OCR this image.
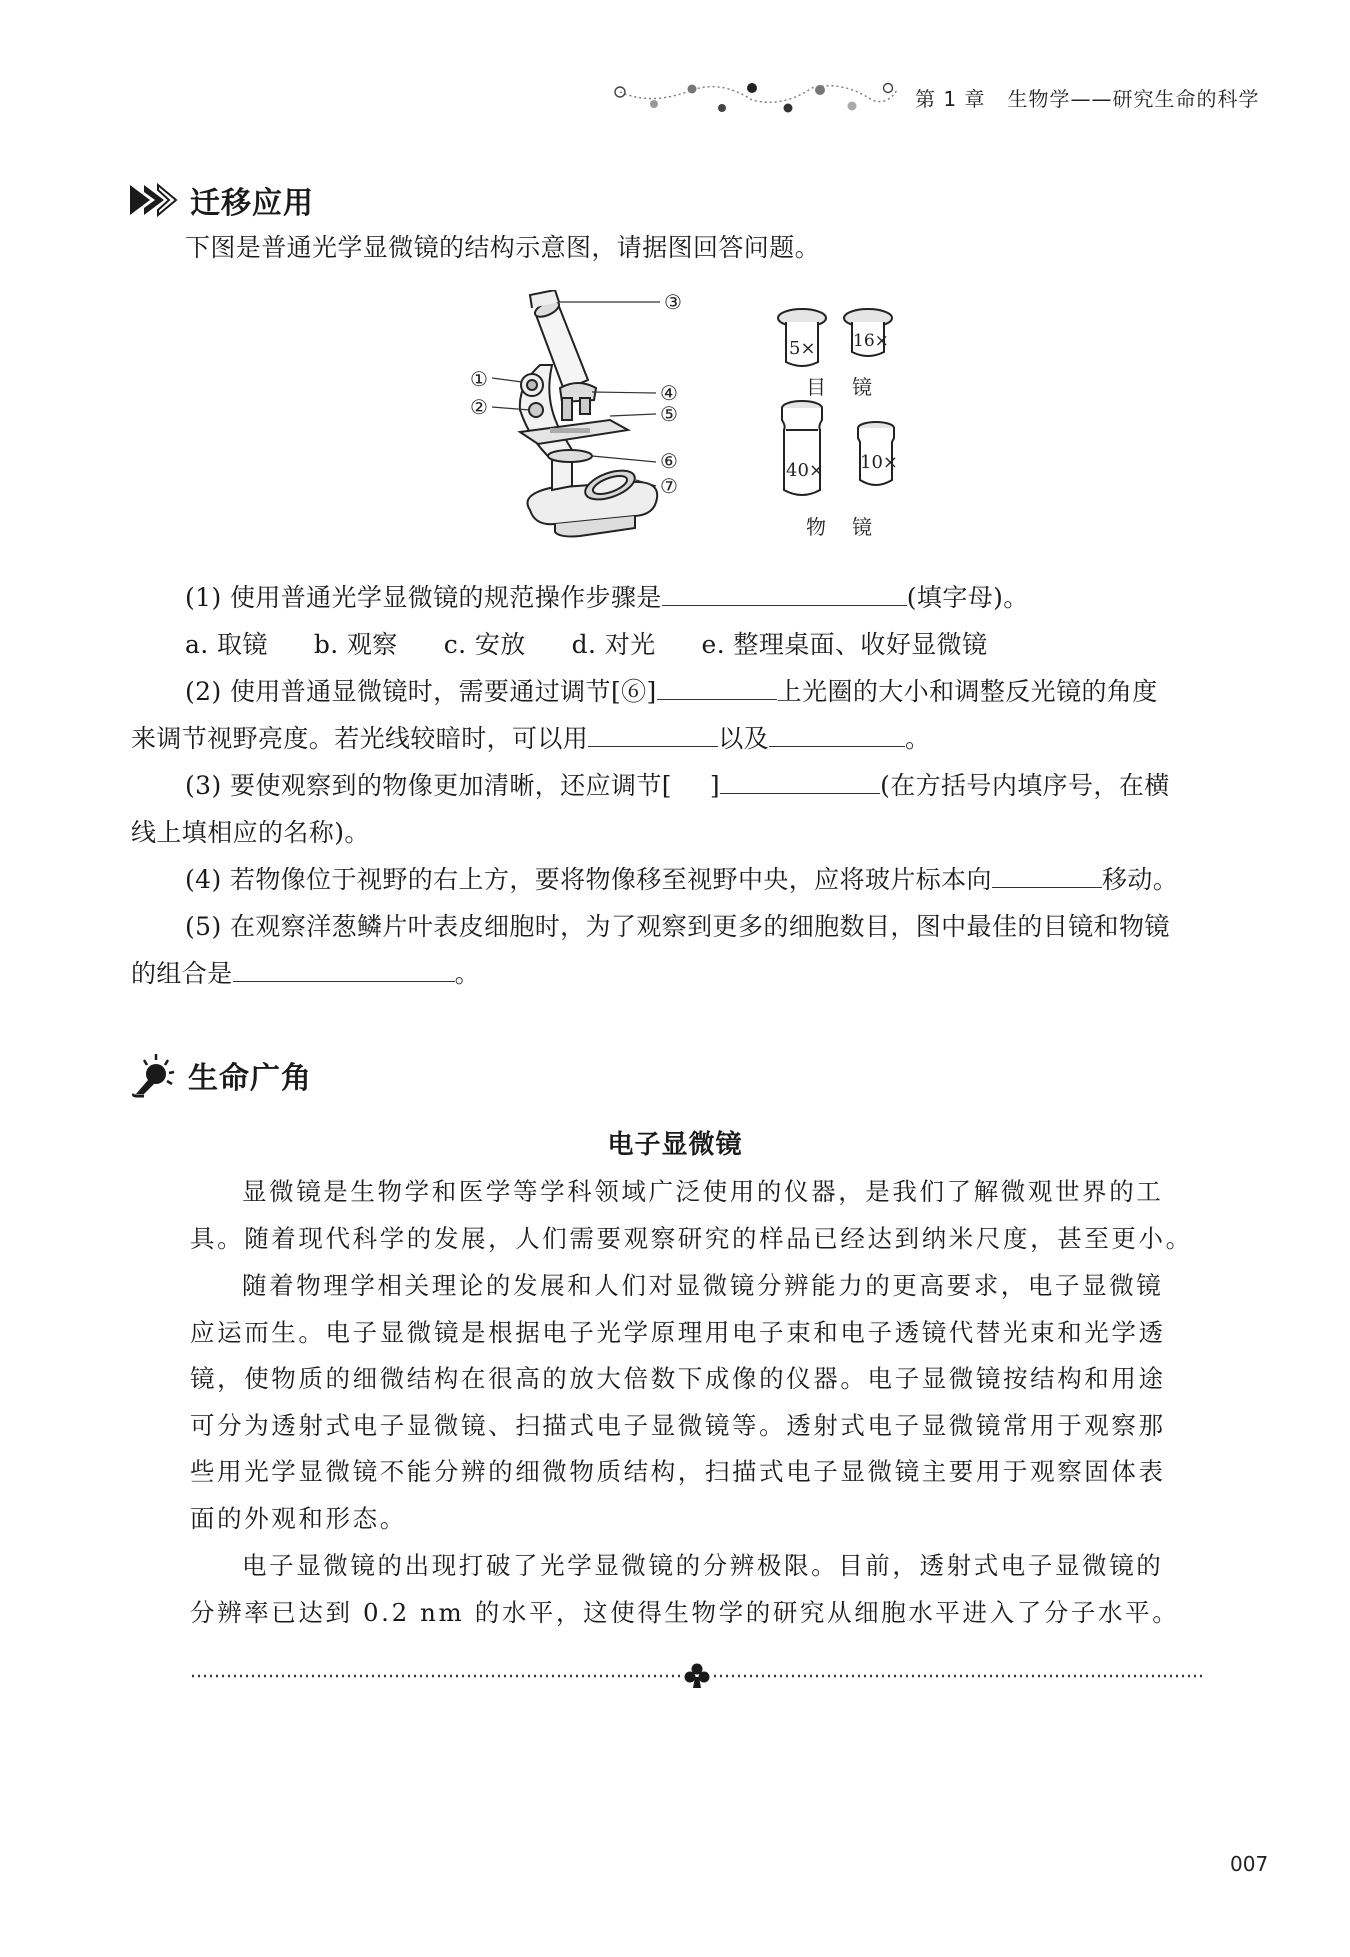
第 1 章 生物学——研究生命的科学
迁移应用
下图是普通光学显微镜的结构示意图，请据图回答问题。
③
①
②
④
⑤
⑥
⑦
5× 16×
目 镜
40× 10×
物 镜
(1) 使用普通光学显微镜的规范操作步骤是	(填字母)。
a. 取镜 b. 观察 c. 安放 d. 对光 e. 整理桌面、收好显微镜
(2) 使用普通显微镜时，需要通过调节[⑥]	上光圈的大小和调整反光镜的角度
来调节视野亮度。若光线较暗时，可以用	以及	。
(3) 要使观察到的物像更加清晰，还应调节[ ]	(在方括号内填序号，在横
线上填相应的名称)。
(4) 若物像位于视野的右上方，要将物像移至视野中央，应将玻片标本向	移动。
(5) 在观察洋葱鳞片叶表皮细胞时，为了观察到更多的细胞数目，图中最佳的目镜和物镜
的组合是	。
生命广角
电子显微镜
显微镜是生物学和医学等学科领域广泛使用的仪器，是我们了解微观世界的工
具。随着现代科学的发展，人们需要观察研究的样品已经达到纳米尺度，甚至更小。
随着物理学相关理论的发展和人们对显微镜分辨能力的更高要求，电子显微镜
应运而生。电子显微镜是根据电子光学原理用电子束和电子透镜代替光束和光学透
镜，使物质的细微结构在很高的放大倍数下成像的仪器。电子显微镜按结构和用途
可分为透射式电子显微镜、扫描式电子显微镜等。透射式电子显微镜常用于观察那
些用光学显微镜不能分辨的细微物质结构，扫描式电子显微镜主要用于观察固体表
面的外观和形态。
电子显微镜的出现打破了光学显微镜的分辨极限。目前，透射式电子显微镜的
分辨率已达到 0.2 nm 的水平，这使得生物学的研究从细胞水平进入了分子水平。
007
